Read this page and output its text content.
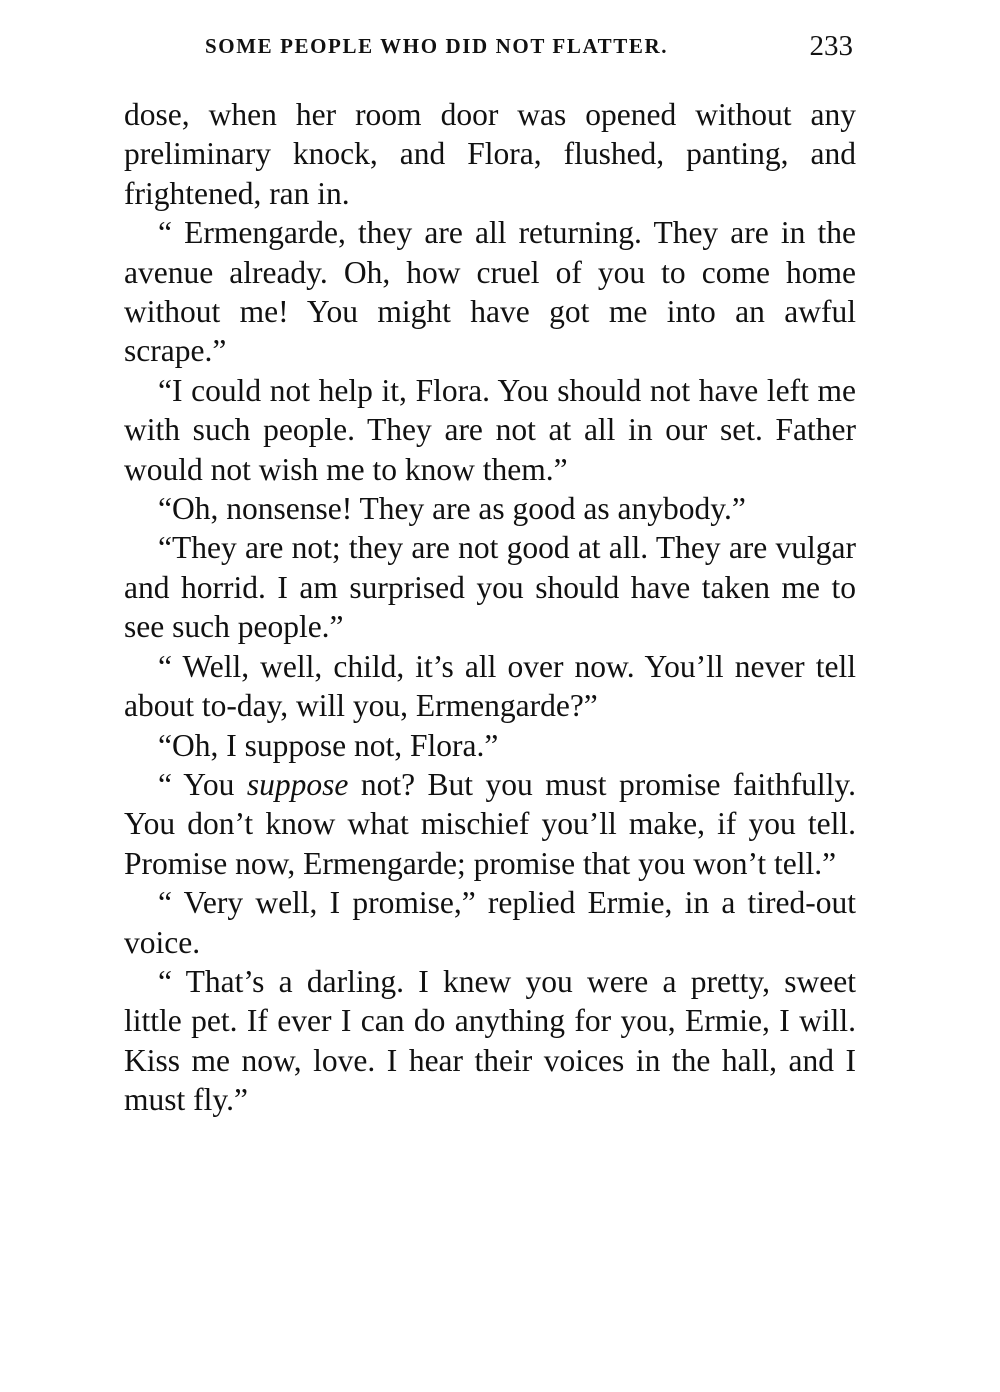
SOME PEOPLE WHO DID NOT FLATTER.	233

dose, when her room door was opened without any preliminary knock, and Flora, flushed, panting, and frightened, ran in.

“ Ermengarde, they are all returning. They are in the avenue already. Oh, how cruel of you to come home without me! You might have got me into an awful scrape.”

“I could not help it, Flora. You should not have left me with such people. They are not at all in our set. Father would not wish me to know them.”

“Oh, nonsense! They are as good as anybody.”

“They are not; they are not good at all. They are vulgar and horrid. I am surprised you should have taken me to see such people.”

“ Well, well, child, it’s all over now. You’ll never tell about to-day, will you, Ermengarde?”

“Oh, I suppose not, Flora.”

“ You suppose not? But you must promise faithfully. You don’t know what mischief you’ll make, if you tell. Promise now, Ermengarde; promise that you won’t tell.”

“ Very well, I promise,” replied Ermie, in a tired-out voice.

“ That’s a darling. I knew you were a pretty, sweet little pet. If ever I can do anything for you, Ermie, I will. Kiss me now, love. I hear their voices in the hall, and I must fly.”
